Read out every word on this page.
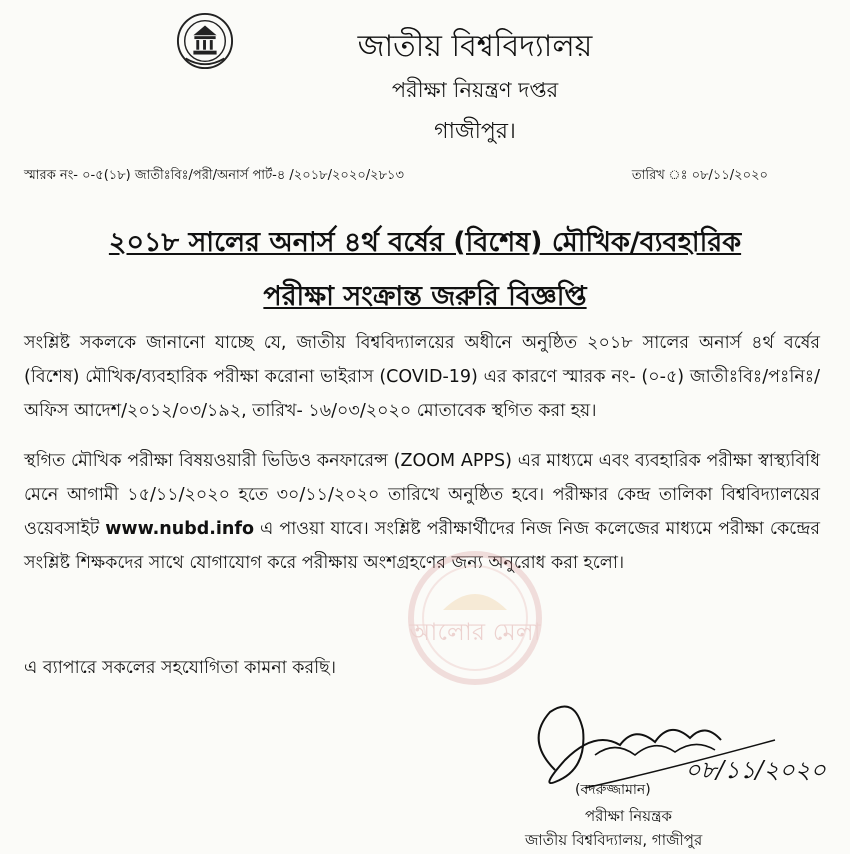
জাতীয় বিশ্ববিদ্যালয়
পরীক্ষা নিয়ন্ত্রণ দপ্তর
গাজীপুর।
স্মারক নং- ০-৫(১৮) জাতীঃবিঃ/পরী/অনার্স পার্ট-৪ /২০১৮/২০২০/২৮১৩	তারিখ ঃ ০৮/১১/২০২০
২০১৮ সালের অনার্স ৪র্থ বর্ষের (বিশেষ) মৌখিক/ব্যবহারিক
পরীক্ষা সংক্রান্ত জরুরি বিজ্ঞপ্তি
সংশ্লিষ্ট সকলকে জানানো যাচ্ছে যে, জাতীয় বিশ্ববিদ্যালয়ের অধীনে অনুষ্ঠিত ২০১৮ সালের অনার্স ৪র্থ বর্ষের (বিশেষ) মৌখিক/ব্যবহারিক পরীক্ষা করোনা ভাইরাস (COVID-19) এর কারণে স্মারক নং- (০-৫) জাতীঃবিঃ/পঃনিঃ/অফিস আদেশ/২০১২/০৩/১৯২, তারিখ- ১৬/০৩/২০২০ মোতাবেক স্থগিত করা হয়।
স্থগিত মৌখিক পরীক্ষা বিষয়ওয়ারী ভিডিও কনফারেন্স (ZOOM APPS) এর মাধ্যমে এবং ব্যবহারিক পরীক্ষা স্বাস্থ্যবিধি মেনে আগামী ১৫/১১/২০২০ হতে ৩০/১১/২০২০ তারিখে অনুষ্ঠিত হবে। পরীক্ষার কেন্দ্র তালিকা বিশ্ববিদ্যালয়ের ওয়েবসাইট www.nubd.info এ পাওয়া যাবে। সংশ্লিষ্ট পরীক্ষার্থীদের নিজ নিজ কলেজের মাধ্যমে পরীক্ষা কেন্দ্রের সংশ্লিষ্ট শিক্ষকদের সাথে যোগাযোগ করে পরীক্ষায় অংশগ্রহণের জন্য অনুরোধ করা হলো।
এ ব্যাপারে সকলের সহযোগিতা কামনা করছি।
আলোর মেলা
০৮/১১/২০২০
(বদরুজ্জামান)
পরীক্ষা নিয়ন্ত্রক
জাতীয় বিশ্ববিদ্যালয়, গাজীপুর
